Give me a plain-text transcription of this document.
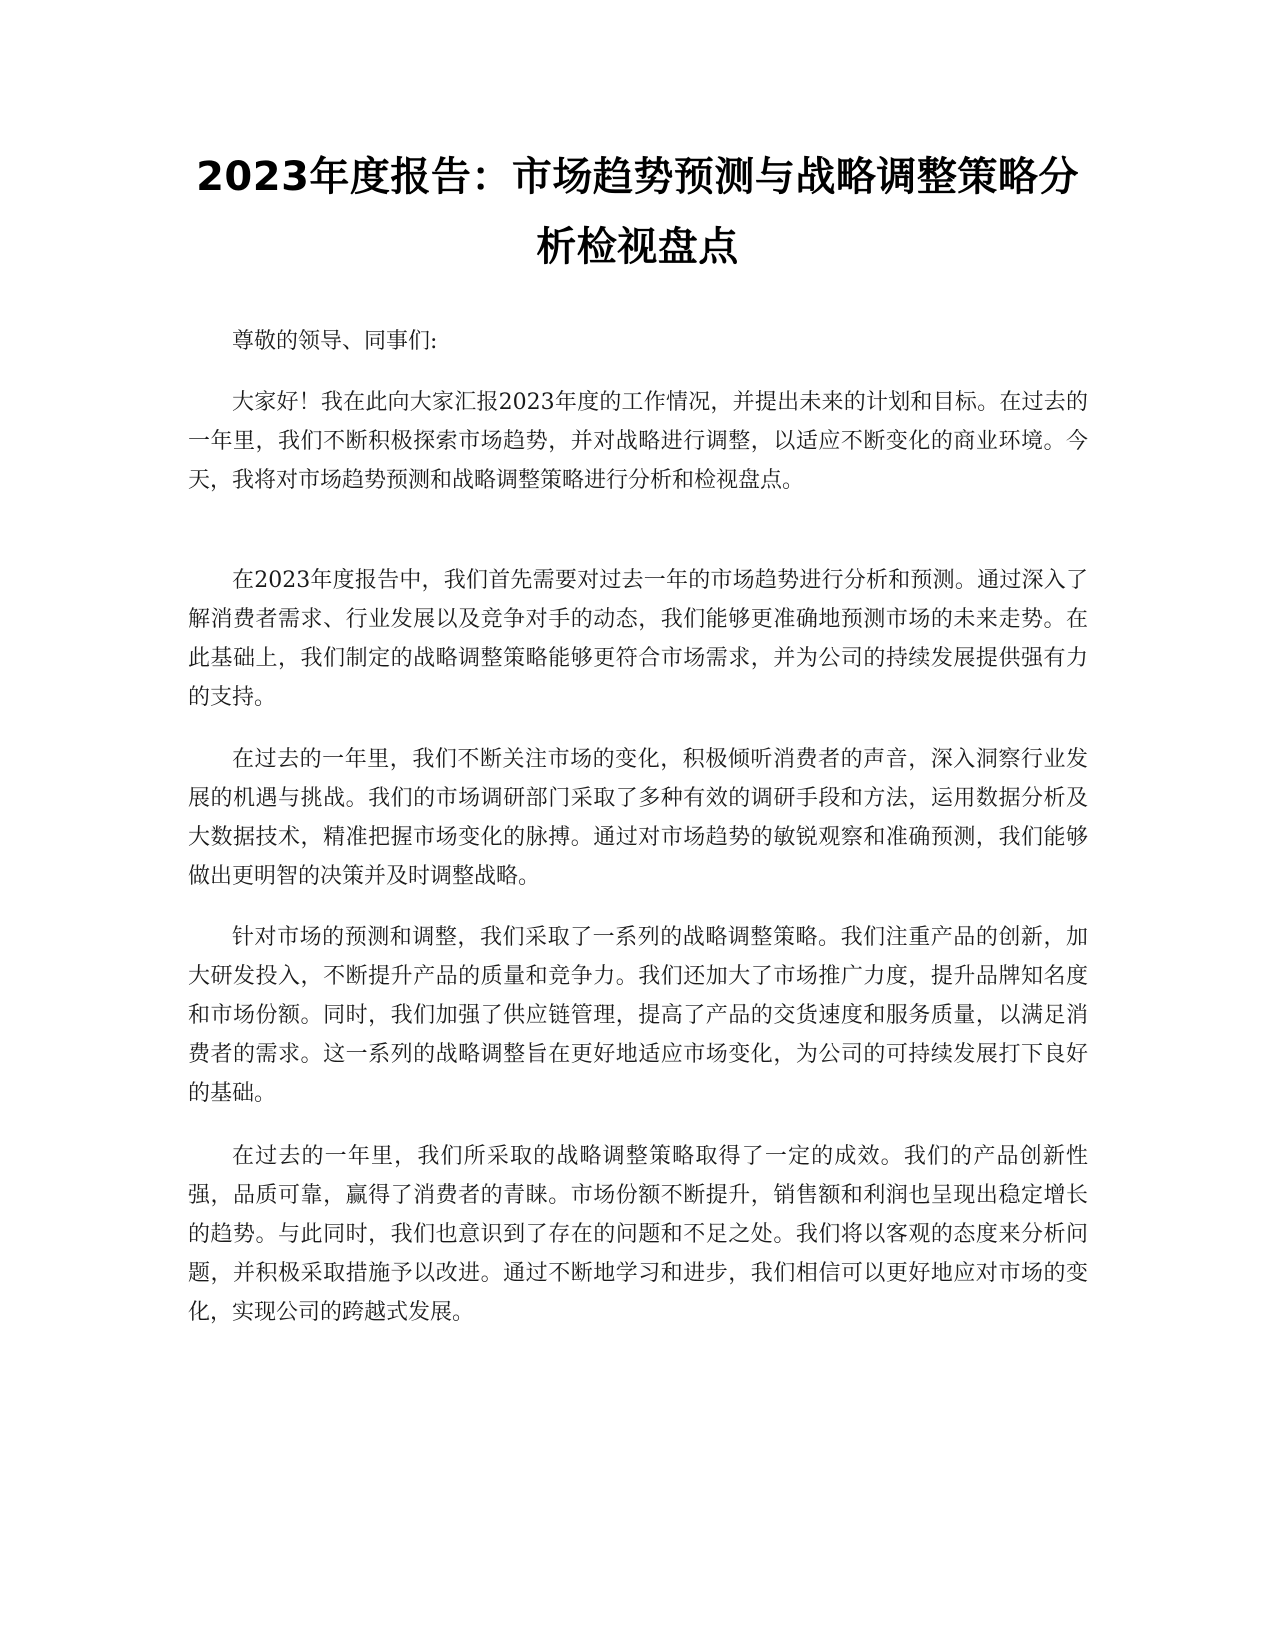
2023年度报告：市场趋势预测与战略调整策略分析检视盘点

尊敬的领导、同事们:

大家好！我在此向大家汇报2023年度的工作情况，并提出未来的计划和目标。在过去的一年里，我们不断积极探索市场趋势，并对战略进行调整，以适应不断变化的商业环境。今天，我将对市场趋势预测和战略调整策略进行分析和检视盘点。

在2023年度报告中，我们首先需要对过去一年的市场趋势进行分析和预测。通过深入了解消费者需求、行业发展以及竞争对手的动态，我们能够更准确地预测市场的未来走势。在此基础上，我们制定的战略调整策略能够更符合市场需求，并为公司的持续发展提供强有力的支持。

在过去的一年里，我们不断关注市场的变化，积极倾听消费者的声音，深入洞察行业发展的机遇与挑战。我们的市场调研部门采取了多种有效的调研手段和方法，运用数据分析及大数据技术，精准把握市场变化的脉搏。通过对市场趋势的敏锐观察和准确预测，我们能够做出更明智的决策并及时调整战略。

针对市场的预测和调整，我们采取了一系列的战略调整策略。我们注重产品的创新，加大研发投入，不断提升产品的质量和竞争力。我们还加大了市场推广力度，提升品牌知名度和市场份额。同时，我们加强了供应链管理，提高了产品的交货速度和服务质量，以满足消费者的需求。这一系列的战略调整旨在更好地适应市场变化，为公司的可持续发展打下良好的基础。

在过去的一年里，我们所采取的战略调整策略取得了一定的成效。我们的产品创新性强，品质可靠，赢得了消费者的青睐。市场份额不断提升，销售额和利润也呈现出稳定增长的趋势。与此同时，我们也意识到了存在的问题和不足之处。我们将以客观的态度来分析问题，并积极采取措施予以改进。通过不断地学习和进步，我们相信可以更好地应对市场的变化，实现公司的跨越式发展。
